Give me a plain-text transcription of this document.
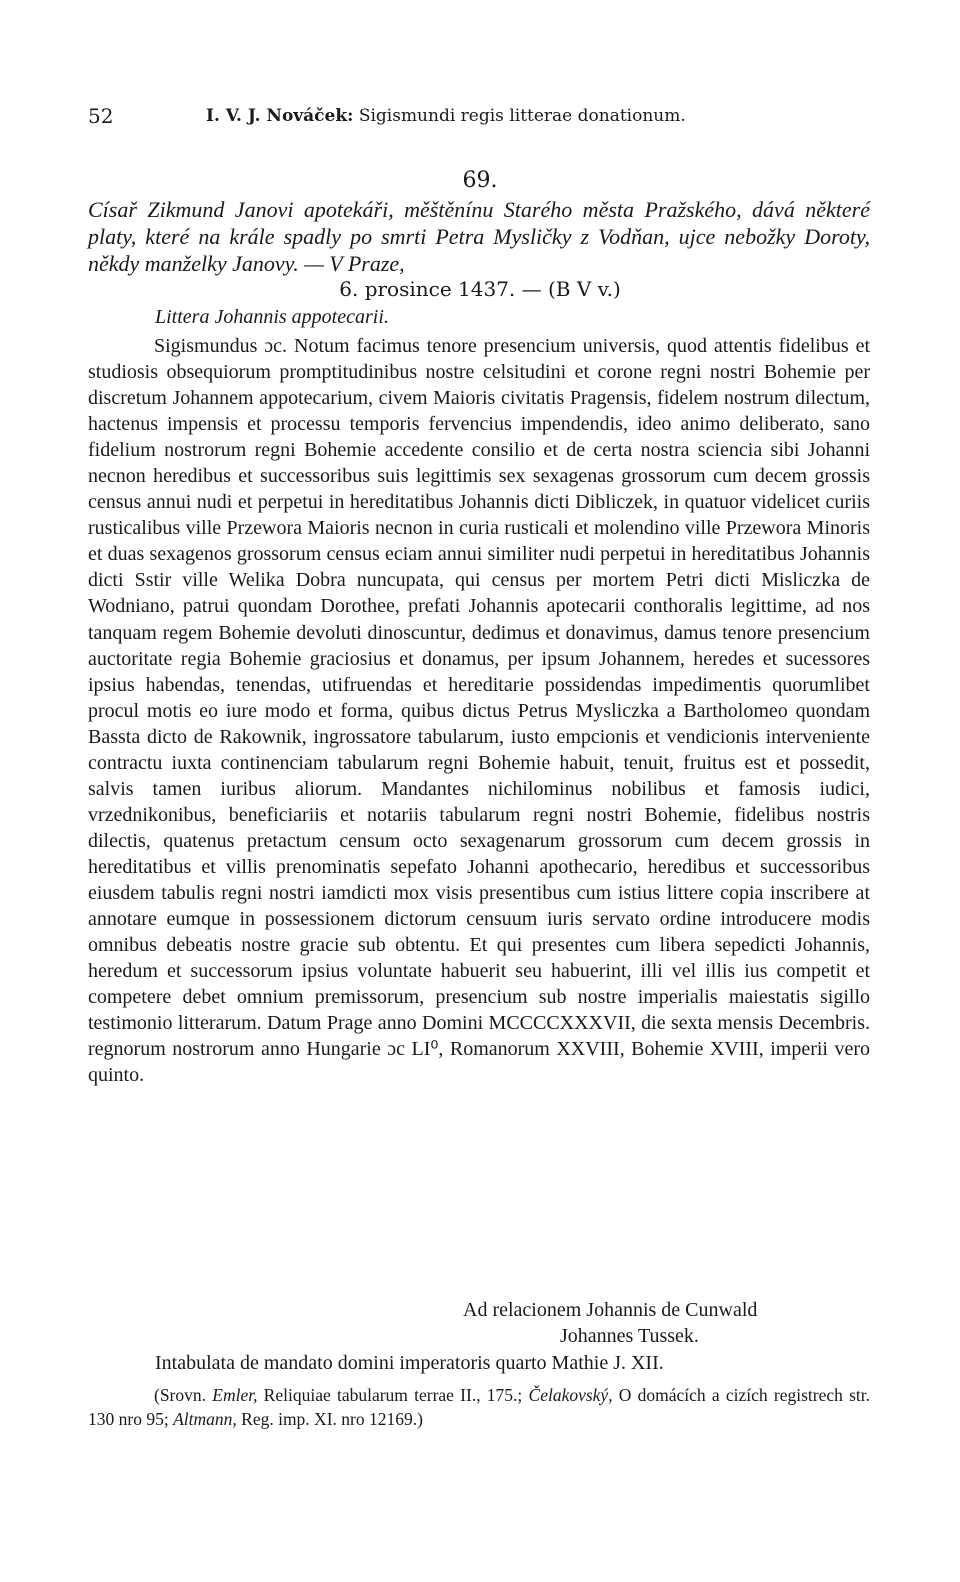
52	I. V. J. Nováček: Sigismundi regis litterae donationum.
69.
Císař Zikmund Janovi apotekáři, měštěnínu Starého města Pražského, dává některé platy, které na krále spadly po smrti Petra Mysličky z Vodňan, ujce nebožky Doroty, někdy manželky Janovy. — V Praze,
6. prosince 1437. — (B V v.)
Littera Johannis appotecarii.

Sigismundus ɔc. Notum facimus tenore presencium universis, quod attentis fidelibus et studiosis obsequiorum promptitudinibus nostre celsitudini et corone regni nostri Bohemie per discretum Johannem appotecarium, civem Maioris civitatis Pragensis, fidelem nostrum dilectum, hactenus impensis et processu temporis fervencius impendendis, ideo animo deliberato, sano fidelium nostrorum regni Bohemie accedente consilio et de certa nostra sciencia sibi Johanni necnon heredibus et successoribus suis legittimis sex sexagenas grossorum cum decem grossis census annui nudi et perpetui in hereditatibus Johannis dicti Dibliczek, in quatuor videlicet curiis rusticalibus ville Przewora Maioris necnon in curia rusticali et molendino ville Przewora Minoris et duas sexagenos grossorum census eciam annui similiter nudi perpetui in hereditatibus Johannis dicti Sstir ville Welika Dobra nuncupata, qui census per mortem Petri dicti Misliczka de Wodniano, patrui quondam Dorothee, prefati Johannis apotecarii conthoralis legittime, ad nos tanquam regem Bohemie devoluti dinoscuntur, dedimus et donavimus, damus tenore presencium auctoritate regia Bohemie graciosius et donamus, per ipsum Johannem, heredes et sucessores ipsius habendas, tenendas, utifruendas et hereditarie possidendas impedimentis quorumlibet procul motis eo iure modo et forma, quibus dictus Petrus Mysliczka a Bartholomeo quondam Bassta dicto de Rakownik, ingrossatore tabularum, iusto empcionis et vendicionis interveniente contractu iuxta continenciam tabularum regni Bohemie habuit, tenuit, fruitus est et possedit, salvis tamen iuribus aliorum. Mandantes nichilominus nobilibus et famosis iudici, vrzednikonibus, beneficiariis et notariis tabularum regni nostri Bohemie, fidelibus nostris dilectis, quatenus pretactum censum octo sexagenarum grossorum cum decem grossis in hereditatibus et villis prenominatis sepefato Johanni apothecario, heredibus et successoribus eiusdem tabulis regni nostri iamdicti mox visis presentibus cum istius littere copia inscribere at annotare eumque in possessionem dictorum censuum iuris servato ordine introducere modis omnibus debeatis nostre gracie sub obtentu. Et qui presentes cum libera sepedicti Johannis, heredum et successorum ipsius voluntate habuerit seu habuerint, illi vel illis ius competit et competere debet omnium premissorum, presencium sub nostre imperialis maiestatis sigillo testimonio litterarum. Datum Prage anno Domini MCCCCXXXVII, die sexta mensis Decembris. regnorum nostrorum anno Hungarie ɔc LI⁰, Romanorum XXVIII, Bohemie XVIII, imperii vero quinto.

Ad relacionem Johannis de Cunwald
Johannes Tussek.
Intabulata de mandato domini imperatoris quarto Mathie J. XII.

(Srovn. Emler, Reliquiae tabularum terrae II., 175.; Čelakovský, O domácích a cizích registrech str. 130 nro 95; Altmann, Reg. imp. XI. nro 12169.)
